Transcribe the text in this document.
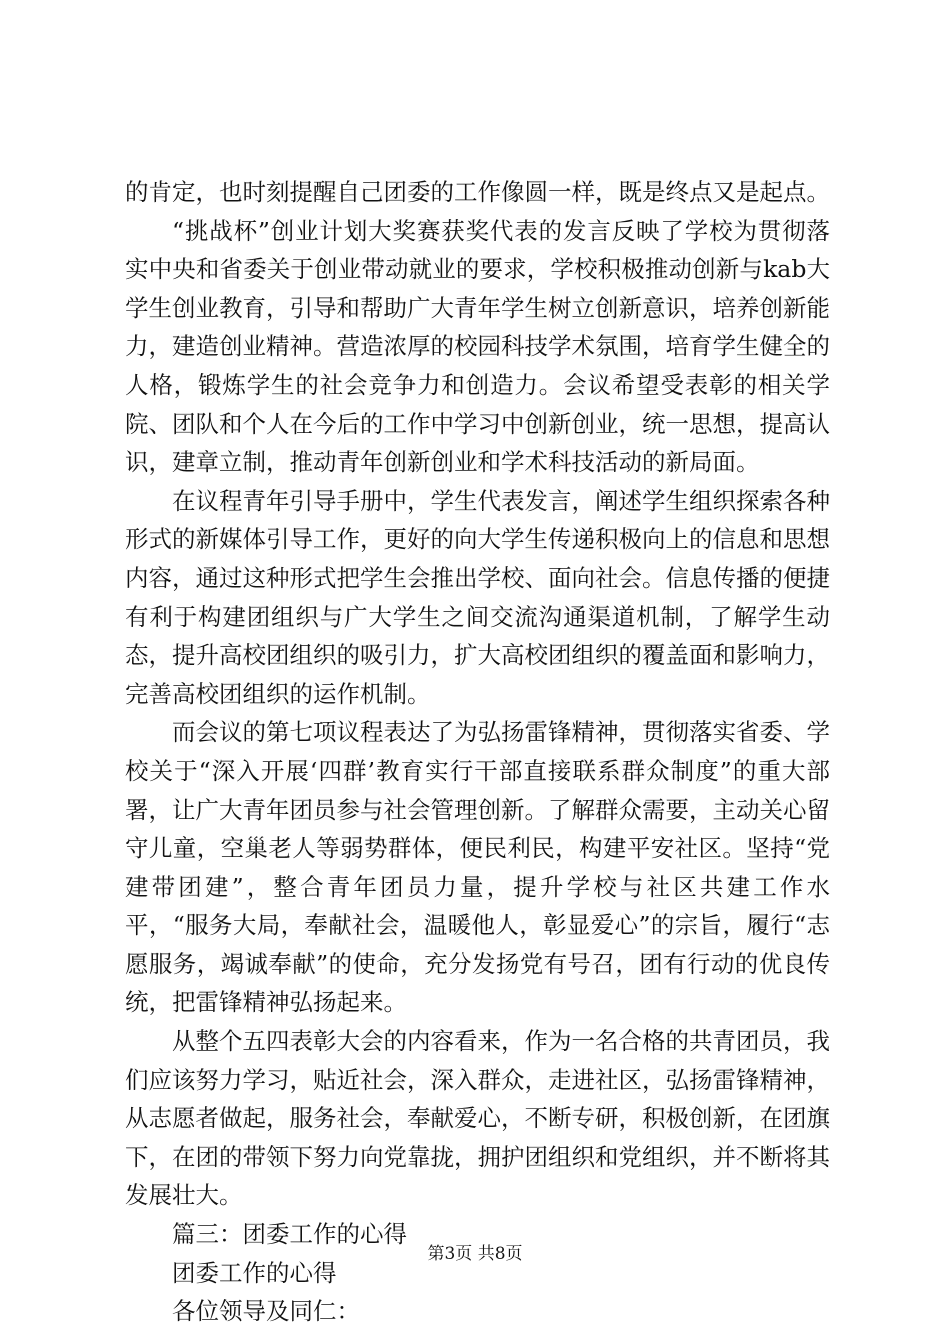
的肯定，也时刻提醒自己团委的工作像圆一样，既是终点又是起点。

“挑战杯”创业计划大奖赛获奖代表的发言反映了学校为贯彻落实中央和省委关于创业带动就业的要求，学校积极推动创新与kab大学生创业教育，引导和帮助广大青年学生树立创新意识，培养创新能力，建造创业精神。营造浓厚的校园科技学术氛围，培育学生健全的人格，锻炼学生的社会竞争力和创造力。会议希望受表彰的相关学院、团队和个人在今后的工作中学习中创新创业，统一思想，提高认识，建章立制，推动青年创新创业和学术科技活动的新局面。

在议程青年引导手册中，学生代表发言，阐述学生组织探索各种形式的新媒体引导工作，更好的向大学生传递积极向上的信息和思想内容，通过这种形式把学生会推出学校、面向社会。信息传播的便捷有利于构建团组织与广大学生之间交流沟通渠道机制，了解学生动态，提升高校团组织的吸引力，扩大高校团组织的覆盖面和影响力，完善高校团组织的运作机制。

而会议的第七项议程表达了为弘扬雷锋精神，贯彻落实省委、学校关于“深入开展‘四群’教育实行干部直接联系群众制度”的重大部署，让广大青年团员参与社会管理创新。了解群众需要，主动关心留守儿童，空巢老人等弱势群体，便民利民，构建平安社区。坚持“党建带团建”，整合青年团员力量，提升学校与社区共建工作水平，“服务大局，奉献社会，温暖他人，彰显爱心”的宗旨，履行“志愿服务，竭诚奉献”的使命，充分发扬党有号召，团有行动的优良传统，把雷锋精神弘扬起来。

从整个五四表彰大会的内容看来，作为一名合格的共青团员，我们应该努力学习，贴近社会，深入群众，走进社区，弘扬雷锋精神，从志愿者做起，服务社会，奉献爱心，不断专研，积极创新，在团旗下，在团的带领下努力向党靠拢，拥护团组织和党组织，并不断将其发展壮大。

篇三：团委工作的心得

团委工作的心得

各位领导及同仁：

第3页 共8页
